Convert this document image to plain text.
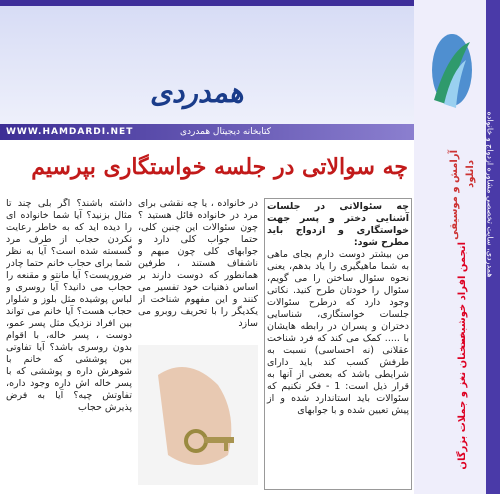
همدردی، سایت تخصصی مشاوره ازدواج و خانواده
آرامش و موسیقی دانلود
انجمن افراد خوشبخت
سخنان نغز و جملات بزرگان
همدردی
WWW.HAMDARDI.NET	کتابخانه دیجیتال همدردی
چه سوالاتی در جلسه خواستگاری بپرسیم
چه سئوالاتی در جلسات آشنایی دختر و پسر جهت خواستگاری و ازدواج باید مطرح شود:
من بیشتر دوست دارم بجای ماهی به شما ماهیگیری را یاد بدهم، یعنی نحوه سئوال ساختن را می گویم، سئوال را خودتان طرح کنید. نکاتی وجود دارد که درطرح سئوالات جلسات خواستگاری، شناسایی دختران و پسران در رابطه هایشان با ..... کمک می کند که فرد شناخت عقلانی (نه احساسی) نسبت به طرفش کسب کند باید دارای شرایطی باشد که بعضی از آنها به قرار ذیل است: 1 - فکر نکنیم که سئوالات باید استاندارد شده و از پیش تعیین شده و با جوابهای
در خانواده ، یا چه نقشی برای مرد در خانواده قائل هستید ؟ چون سئوالات این چنین کلی، حتما جواب کلی دارد و جوابهای کلی چون مبهم و ناشفاف هستند ، طرفین همانطور که دوست دارند بر اساس ذهنیات خود تفسیر می کنند و این مفهوم شناخت از یکدیگر را با تحریف روبرو می سازد
داشته باشند؟ اگر بلی چند تا مثال بزنید؟ آیا شما خانواده ای را دیده اید که به خاطر رعایت نکردن حجاب از طرف مرد گسسته شده است؟ آیا به نظر شما برای حجاب خانم حتما چادر ضروریست؟ آیا مانتو و مقنعه را حجاب می دانید؟ آیا روسری و لباس پوشیده مثل بلوز و شلوار حجاب هست؟ آیا خانم می تواند بین افراد نزدیک مثل پسر عمو، دوست ، پسر خاله، با اقوام بدون روسری باشد؟ آیا تفاوتی بین پوششی که خانم با شوهرش داره و پوششی که با پسر خاله اش داره وجود داره، تفاوتش چیه؟ آیا به فرض پذیرش حجاب
